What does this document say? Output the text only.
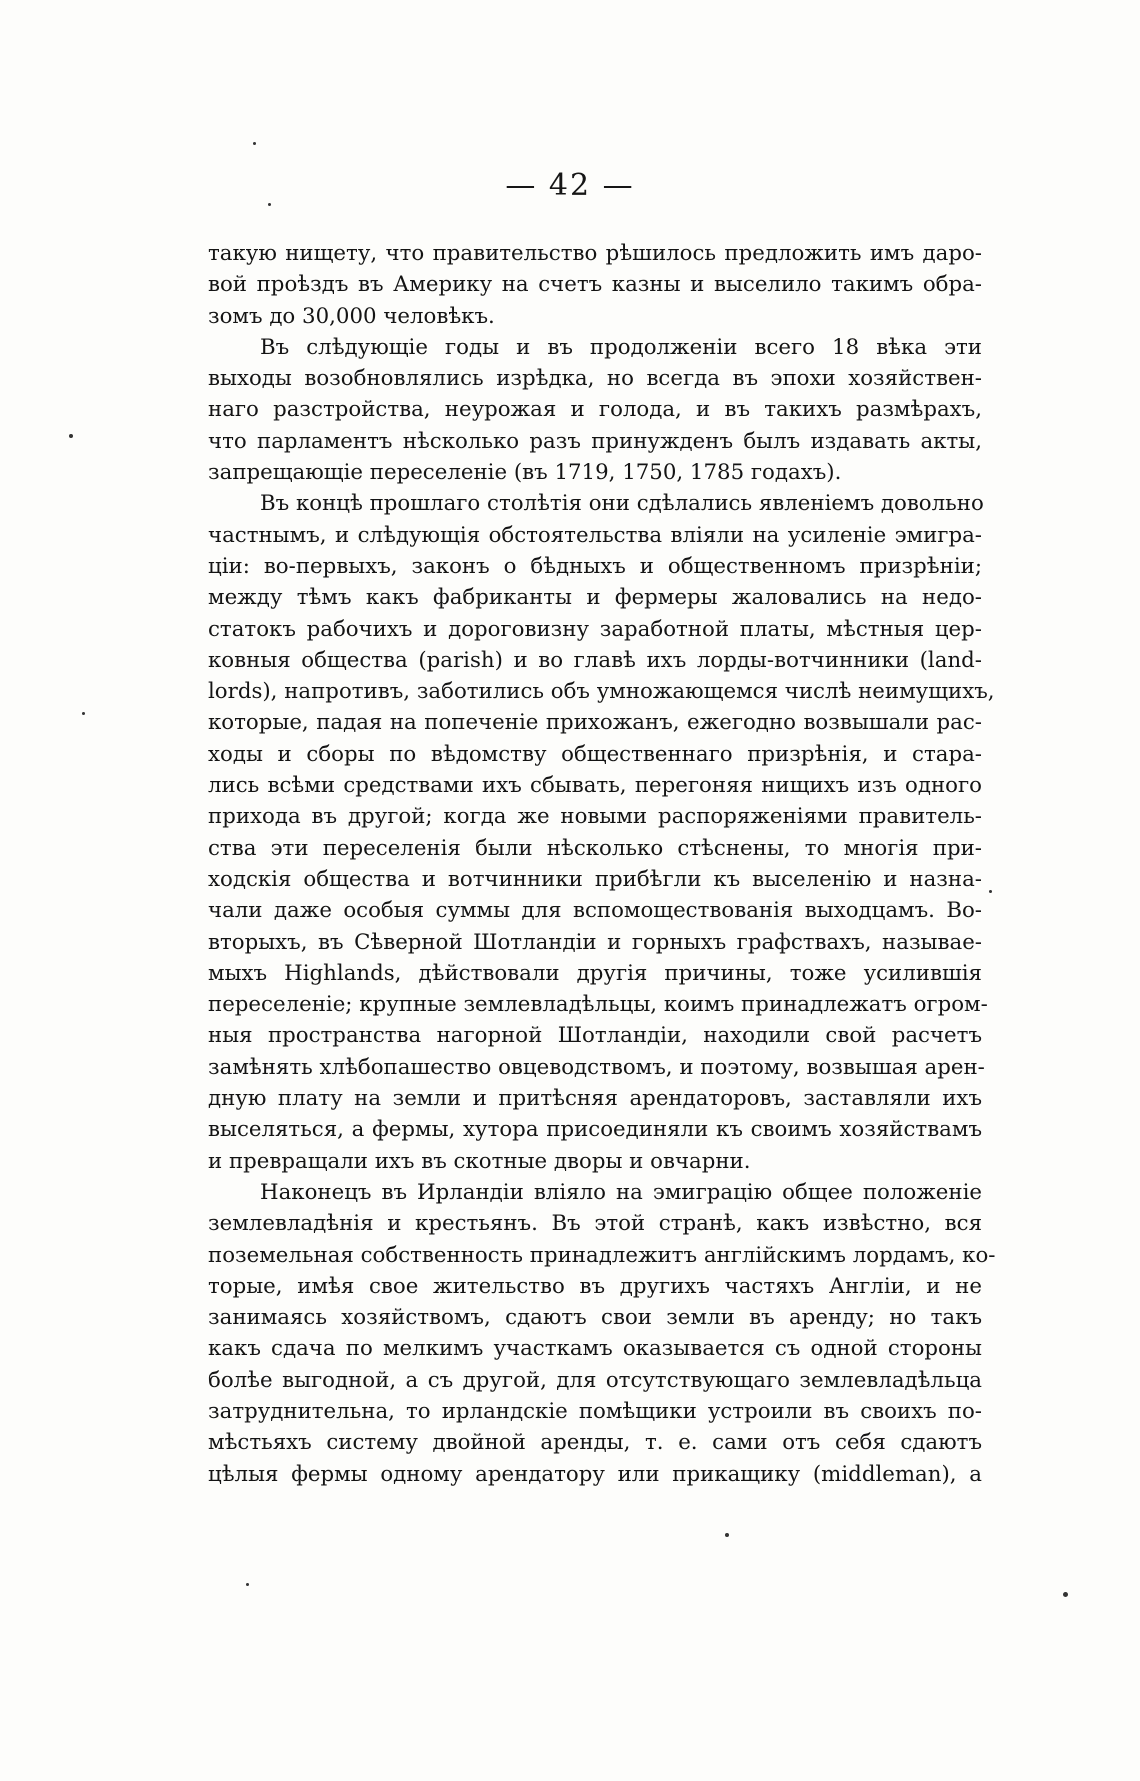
— 42 —
такую нищету, что правительство рѣшилось предложить имъ даро-
вой проѣздъ въ Америку на счетъ казны и выселило такимъ обра-
зомъ до 30,000 человѣкъ.
Въ слѣдующіе годы и въ продолженіи всего 18 вѣка эти
выходы возобновлялись изрѣдка, но всегда въ эпохи хозяйствен-
наго разстройства, неурожая и голода, и въ такихъ размѣрахъ,
что парламентъ нѣсколько разъ принужденъ былъ издавать акты,
запрещающіе переселеніе (въ 1719, 1750, 1785 годахъ).
Въ концѣ прошлаго столѣтія они сдѣлались явленіемъ довольно
частнымъ, и слѣдующія обстоятельства вліяли на усиленіе эмигра-
ціи: во-первыхъ, законъ о бѣдныхъ и общественномъ призрѣніи;
между тѣмъ какъ фабриканты и фермеры жаловались на недо-
статокъ рабочихъ и дороговизну заработной платы, мѣстныя цер-
ковныя общества (parish) и во главѣ ихъ лорды-вотчинники (land-
lords), напротивъ, заботились объ умножающемся числѣ неимущихъ,
которые, падая на попеченіе прихожанъ, ежегодно возвышали рас-
ходы и сборы по вѣдомству общественнаго призрѣнія, и стара-
лись всѣми средствами ихъ сбывать, перегоняя нищихъ изъ одного
прихода въ другой; когда же новыми распоряженіями правитель-
ства эти переселенія были нѣсколько стѣснены, то многія при-
ходскія общества и вотчинники прибѣгли къ выселенію и назна-
чали даже особыя суммы для вспомоществованія выходцамъ. Во-
вторыхъ, въ Сѣверной Шотландіи и горныхъ графствахъ, называе-
мыхъ Highlands, дѣйствовали другія причины, тоже усилившія
переселеніе; крупные землевладѣльцы, коимъ принадлежатъ огром-
ныя пространства нагорной Шотландіи, находили свой расчетъ
замѣнять хлѣбопашество овцеводствомъ, и поэтому, возвышая арен-
дную плату на земли и притѣсняя арендаторовъ, заставляли ихъ
выселяться, а фермы, хутора присоединяли къ своимъ хозяйствамъ
и превращали ихъ въ скотные дворы и овчарни.
Наконецъ въ Ирландіи вліяло на эмиграцію общее положеніе
землевладѣнія и крестьянъ. Въ этой странѣ, какъ извѣстно, вся
поземельная собственность принадлежитъ англійскимъ лордамъ, ко-
торые, имѣя свое жительство въ другихъ частяхъ Англіи, и не
занимаясь хозяйствомъ, сдаютъ свои земли въ аренду; но такъ
какъ сдача по мелкимъ участкамъ оказывается съ одной стороны
болѣе выгодной, а съ другой, для отсутствующаго землевладѣльца
затруднительна, то ирландскіе помѣщики устроили въ своихъ по-
мѣстьяхъ систему двойной аренды, т. е. сами отъ себя сдаютъ
цѣлыя фермы одному арендатору или прикащику (middleman), а
